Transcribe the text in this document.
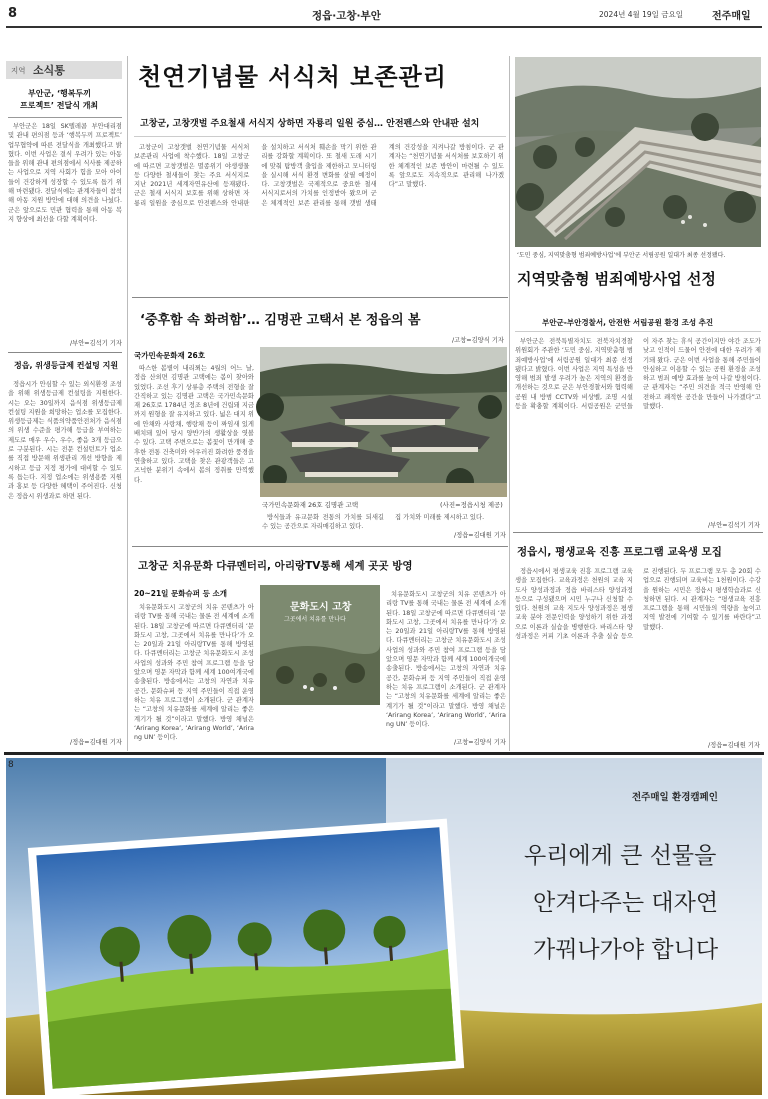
8	정읍·고창·부안	2024년 4월 19일 금요일	전주매일
지역 소식통
부안군, ‘행복두끼
프로젝트’ 전달식 개최

부안군은 18일 SK텔레콤 부안대리점 및 관내 편의점 등과 ‘행복두끼 프로젝트’ 업무협약에 따른 전달식을 개최했다고 밝혔다. 이번 사업은 결식 우려가 있는 아동들을 위해 관내 편의점에서 식사를 제공하는 사업으로 지역 사회가 힘을 모아 아이들이 건강하게 성장할 수 있도록 돕기 위해 마련됐다. 전달식에는 관계자들이 참석해 아동 지원 방안에 대해 의견을 나눴다. 군은 앞으로도 민관 협력을 통해 아동 복지 향상에 최선을 다할 계획이다.

/부안=김석기 기자
정읍, 위생등급제 컨설팅 지원

정읍시가 안심할 수 있는 외식환경 조성을 위해 위생등급제 컨설팅을 지원한다. 시는 오는 30일까지 음식점 위생등급제 컨설팅 지원을 희망하는 업소를 모집한다. 위생등급제는 식품의약품안전처가 음식점의 위생 수준을 평가해 등급을 부여하는 제도로 매우 우수, 우수, 좋음 3개 등급으로 구분된다. 시는 전문 컨설턴트가 업소를 직접 방문해 위생관리 개선 방향을 제시하고 등급 지정 평가에 대비할 수 있도록 돕는다. 지정 업소에는 위생용품 지원과 홍보 등 다양한 혜택이 주어진다. 신청은 정읍시 위생과로 하면 된다.

/정읍=김대원 기자
천연기념물 서식처 보존관리
고창군, 고창갯벌 주요철새 서식지 상하면 자룡리 일원 중심… 안전펜스와 안내판 설치

고창군이 고창갯벌 천연기념물 서식처 보존관리 사업에 착수했다. 18일 고창군에 따르면 고창갯벌은 멸종위기 야생생물 등 다양한 철새들이 찾는 주요 서식지로 지난 2021년 세계자연유산에 등재됐다. 군은 철새 서식지 보호를 위해 상하면 자룡리 일원을 중심으로 안전펜스와 안내판을 설치하고 서식처 훼손을 막기 위한 관리를 강화할 계획이다. 또 철새 도래 시기에 맞춰 탐방객 출입을 제한하고 모니터링을 실시해 서식 환경 변화를 살필 예정이다. 고창갯벌은 국제적으로 중요한 철새 서식지로서의 가치를 인정받아 왔으며 군은 체계적인 보존 관리를 통해 갯벌 생태계의 건강성을 지켜나갈 방침이다. 군 관계자는 “천연기념물 서식처를 보호하기 위한 체계적인 보존 방안이 마련될 수 있도록 앞으로도 지속적으로 관리해 나가겠다”고 말했다.

/고창=김양식 기자
‘도민 중심, 지역맞춤형 범죄예방사업’에 부안군 서림공원 일대가 최종 선정됐다.
지역맞춤형 범죄예방사업 선정
부안군-부안경찰서, 안전한 서림공원 환경 조성 추진

부안군은 전북특별자치도 전북자치경찰위원회가 주관한 ‘도민 중심, 지역맞춤형 범죄예방사업’에 서림공원 일대가 최종 선정됐다고 밝혔다. 이번 사업은 지역 특성을 반영해 범죄 발생 우려가 높은 지역의 환경을 개선하는 것으로 군은 부안경찰서와 협력해 공원 내 방범 CCTV와 비상벨, 조명 시설 등을 확충할 계획이다. 서림공원은 군민들이 자주 찾는 휴식 공간이지만 야간 조도가 낮고 인적이 드물어 안전에 대한 우려가 제기돼 왔다. 군은 이번 사업을 통해 주민들이 안심하고 이용할 수 있는 공원 환경을 조성하고 범죄 예방 효과를 높여 나갈 방침이다. 군 관계자는 “주민 의견을 적극 반영해 안전하고 쾌적한 공간을 만들어 나가겠다”고 말했다.

/부안=김석기 기자
정읍시, 평생교육 진흥 프로그램 교육생 모집

정읍시에서 평생교육 진흥 프로그램 교육생을 모집한다. 교육과정은 천원의 교육 지도사 양성과정과 정읍 바리스타 양성과정 등으로 구성됐으며 시민 누구나 신청할 수 있다. 천원의 교육 지도사 양성과정은 평생교육 분야 전문인력을 양성하기 위한 과정으로 이론과 실습을 병행한다. 바리스타 양성과정은 커피 기초 이론과 추출 실습 등으로 진행된다. 두 프로그램 모두 총 20회 수업으로 진행되며 교육비는 1천원이다. 수강을 원하는 시민은 정읍시 평생학습과로 신청하면 된다. 시 관계자는 “평생교육 진흥 프로그램을 통해 시민들의 역량을 높이고 지역 발전에 기여할 수 있기를 바란다”고 말했다.

/정읍=김대원 기자
‘중후함 속 화려함’… 김명관 고택서 본 정읍의 봄
국가민속문화재 26호

따스한 봄볕이 내리쬐는 4월의 어느 날, 정읍 산외면 김명관 고택에는 봄이 찾아와 있었다. 조선 후기 상류층 주택의 전형을 잘 간직하고 있는 김명관 고택은 국가민속문화재 26호로 1784년 정조 8년에 건립돼 지금까지 원형을 잘 유지하고 있다. 넓은 대지 위에 안채와 사랑채, 행랑채 등이 짜임새 있게 배치돼 있어 당시 양반가의 생활상을 엿볼 수 있다. 고택 주변으로는 봄꽃이 만개해 중후한 전통 건축미와 어우러진 화려한 풍경을 연출하고 있다. 고택을 찾은 관광객들은 고즈넉한 분위기 속에서 봄의 정취를 만끽했다.

국가민속문화재 26호 김명관 고택	(사진=정읍시청 제공)

방식들과 유교문화 전통의 가치를 되새길 수 있는 공간으로 자리매김하고 있다.

집 가치와 미래를 제시하고 있다.

/정읍=김대원 기자
고창군 치유문화 다큐멘터리, 아리랑TV통해 세계 곳곳 방영
20~21일 문화슈퍼 등 소개

치유문화도시 고창군의 치유 콘텐츠가 아리랑 TV를 통해 국내는 물론 전 세계에 소개된다. 18일 고창군에 따르면 다큐멘터리 ‘문화도시 고창, 그곳에서 치유를 만나다’가 오는 20일과 21일 아리랑TV를 통해 방영된다. 다큐멘터리는 고창군 치유문화도시 조성 사업의 성과와 주민 참여 프로그램 등을 담았으며 영문 자막과 함께 세계 100여개국에 송출된다. 방송에서는 고창의 자연과 치유 공간, 문화슈퍼 등 지역 주민들이 직접 운영하는 치유 프로그램이 소개된다. 군 관계자는 “고창의 치유문화를 세계에 알리는 좋은 계기가 될 것”이라고 말했다. 방영 채널은 ‘Arirang Korea’, ‘Arirang World’, ‘Arirang UN’ 등이다.

문화도시 고창
그곳에서 치유를 만나다

치유문화도시 고창군의 치유 콘텐츠가 아리랑 TV를 통해 국내는 물론 전 세계에 소개된다. 18일 고창군에 따르면 다큐멘터리 ‘문화도시 고창, 그곳에서 치유를 만나다’가 오는 20일과 21일 아리랑TV를 통해 방영된다. 다큐멘터리는 고창군 치유문화도시 조성 사업의 성과와 주민 참여 프로그램 등을 담았으며 영문 자막과 함께 세계 100여개국에 송출된다. 방송에서는 고창의 자연과 치유 공간, 문화슈퍼 등 지역 주민들이 직접 운영하는 치유 프로그램이 소개된다. 군 관계자는 “고창의 치유문화를 세계에 알리는 좋은 계기가 될 것”이라고 말했다. 방영 채널은 ‘Arirang Korea’, ‘Arirang World’, ‘Arirang UN’ 등이다.

/고창=김양식 기자
전주매일 환경캠페인
우리에게 큰 선물을
안겨다주는 대자연
가꿔나가야 합니다
8
